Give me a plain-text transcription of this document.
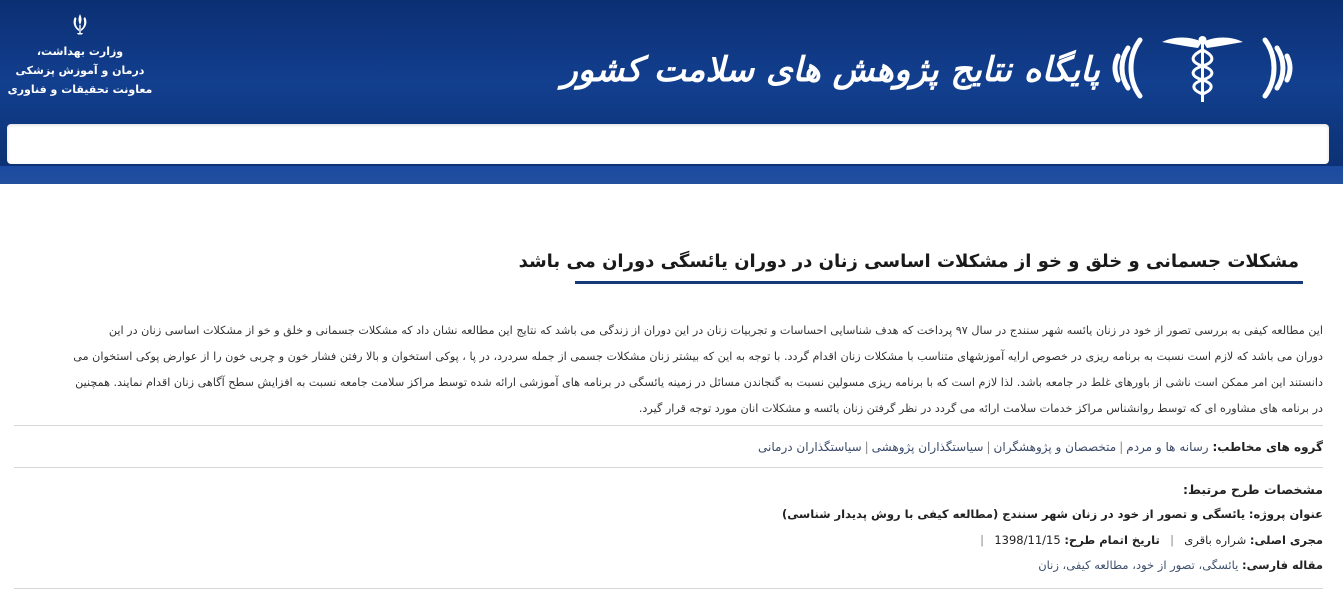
وزارت بهداشت،
درمان و آموزش پزشکی
معاونت تحقیقات و فناوری	پایگاه نتایج پژوهش های سلامت کشور
مشکلات جسمانی و خلق و خو از مشکلات اساسی زنان در دوران یائسگی دوران می باشد
این مطالعه کیفی به بررسی تصور از خود در زنان یائسه شهر سنندج در سال ۹۷ پرداخت که هدف شناسایی احساسات و تجربیات زنان در این دوران از زندگی می باشد که نتایج این مطالعه نشان داد که مشکلات جسمانی و خلق و خو از مشکلات اساسی زنان در این
دوران می باشد که لازم است نسبت به برنامه ریزی در خصوص ارایه آموزشهای متناسب با مشکلات زنان اقدام گردد. با توجه به این که بیشتر زنان مشکلات جسمی از جمله سردرد، در پا ، پوکی استخوان و بالا رفتن فشار خون و چربی خون را از عوارض پوکی استخوان می
دانستند این امر ممکن است ناشی از باورهای غلط در جامعه باشد. لذا لازم است که با برنامه ریزی مسولین نسبت به گنجاندن مسائل در زمینه یائسگی در برنامه های آموزشی ارائه شده توسط مراکز سلامت جامعه نسبت به افزایش سطح آگاهی زنان اقدام نمایند. همچنین
در برنامه های مشاوره ای که توسط روانشناس مراکز خدمات سلامت ارائه می گردد در نظر گرفتن زنان یائسه و مشکلات انان مورد توجه قرار گیرد.
گروه های مخاطب: رسانه ها و مردم|متخصصان و پژوهشگران|سیاستگذاران پژوهشی|سیاستگذاران درمانی
مشخصات طرح مرتبط:
عنوان پروژه: یائسگی و تصور از خود در زنان شهر سنندج (مطالعه کیفی با روش پدیدار شناسی)
مجری اصلی: شراره باقری  |  تاریخ اتمام طرح: 1398/11/15  |
مقاله فارسی: یائسگی، تصور از خود، مطالعه کیفی، زنان
